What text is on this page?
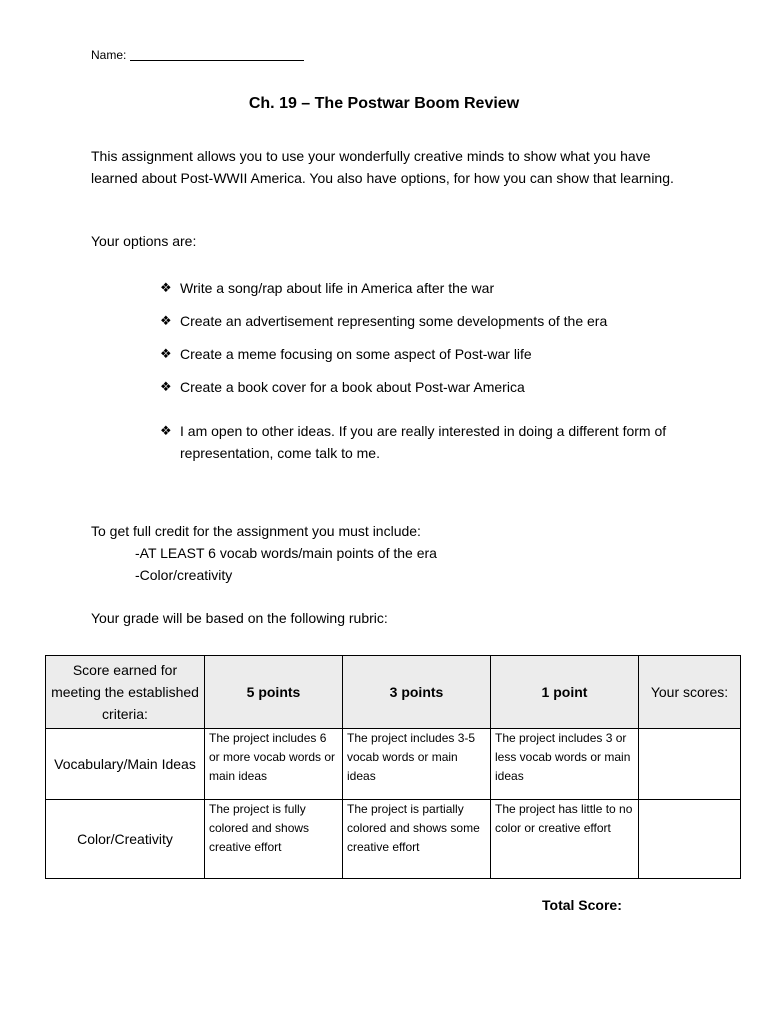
Name:
Ch. 19 – The Postwar Boom Review
This assignment allows you to use your wonderfully creative minds to show what you have learned about Post-WWII America. You also have options, for how you can show that learning.
Your options are:
❖ Write a song/rap about life in America after the war
❖ Create an advertisement representing some developments of the era
❖ Create a meme focusing on some aspect of Post-war life
❖ Create a book cover for a book about Post-war America
❖ I am open to other ideas. If you are really interested in doing a different form of representation, come talk to me.
To get full credit for the assignment you must include:
-AT LEAST 6 vocab words/main points of the era
-Color/creativity
Your grade will be based on the following rubric:
Score earned for meeting the established criteria:	5 points	3 points	1 point	Your scores:
Vocabulary/Main Ideas	The project includes 6 or more vocab words or main ideas	The project includes 3-5 vocab words or main ideas	The project includes 3 or less vocab words or main ideas	
Color/Creativity	The project is fully colored and shows creative effort	The project is partially colored and shows some creative effort	The project has little to no color or creative effort	
Total Score:
